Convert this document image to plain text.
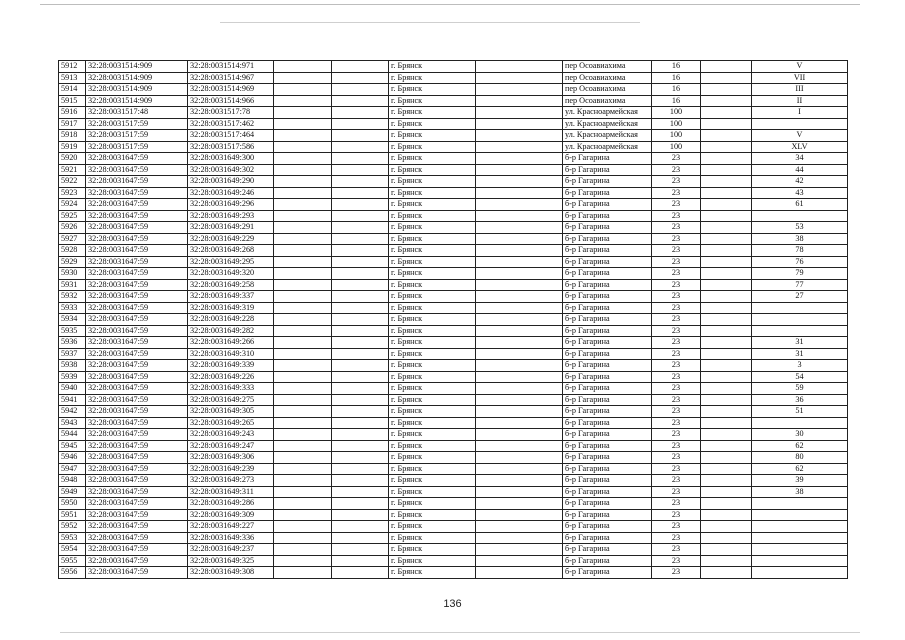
5912	32:28:0031514:909	32:28:0031514:971			г. Брянск		пер Осоавиахима	16		V
5913	32:28:0031514:909	32:28:0031514:967			г. Брянск		пер Осоавиахима	16		VII
5914	32:28:0031514:909	32:28:0031514:969			г. Брянск		пер Осоавиахима	16		III
5915	32:28:0031514:909	32:28:0031514:966			г. Брянск		пер Осоавиахима	16		II
5916	32:28:0031517:48	32:28:0031517:78			г. Брянск		ул. Красноармейская	100		I
5917	32:28:0031517:59	32:28:0031517:462			г. Брянск		ул. Красноармейская	100		
5918	32:28:0031517:59	32:28:0031517:464			г. Брянск		ул. Красноармейская	100		V
5919	32:28:0031517:59	32:28:0031517:586			г. Брянск		ул. Красноармейская	100		XLV
5920	32:28:0031647:59	32:28:0031649:300			г. Брянск		б-р Гагарина	23		34
5921	32:28:0031647:59	32:28:0031649:302			г. Брянск		б-р Гагарина	23		44
5922	32:28:0031647:59	32:28:0031649:290			г. Брянск		б-р Гагарина	23		42
5923	32:28:0031647:59	32:28:0031649:246			г. Брянск		б-р Гагарина	23		43
5924	32:28:0031647:59	32:28:0031649:296			г. Брянск		б-р Гагарина	23		61
5925	32:28:0031647:59	32:28:0031649:293			г. Брянск		б-р Гагарина	23		
5926	32:28:0031647:59	32:28:0031649:291			г. Брянск		б-р Гагарина	23		53
5927	32:28:0031647:59	32:28:0031649:229			г. Брянск		б-р Гагарина	23		38
5928	32:28:0031647:59	32:28:0031649:268			г. Брянск		б-р Гагарина	23		78
5929	32:28:0031647:59	32:28:0031649:295			г. Брянск		б-р Гагарина	23		76
5930	32:28:0031647:59	32:28:0031649:320			г. Брянск		б-р Гагарина	23		79
5931	32:28:0031647:59	32:28:0031649:258			г. Брянск		б-р Гагарина	23		77
5932	32:28:0031647:59	32:28:0031649:337			г. Брянск		б-р Гагарина	23		27
5933	32:28:0031647:59	32:28:0031649:319			г. Брянск		б-р Гагарина	23		
5934	32:28:0031647:59	32:28:0031649:228			г. Брянск		б-р Гагарина	23		
5935	32:28:0031647:59	32:28:0031649:282			г. Брянск		б-р Гагарина	23		
5936	32:28:0031647:59	32:28:0031649:266			г. Брянск		б-р Гагарина	23		31
5937	32:28:0031647:59	32:28:0031649:310			г. Брянск		б-р Гагарина	23		31
5938	32:28:0031647:59	32:28:0031649:339			г. Брянск		б-р Гагарина	23		3
5939	32:28:0031647:59	32:28:0031649:226			г. Брянск		б-р Гагарина	23		54
5940	32:28:0031647:59	32:28:0031649:333			г. Брянск		б-р Гагарина	23		59
5941	32:28:0031647:59	32:28:0031649:275			г. Брянск		б-р Гагарина	23		36
5942	32:28:0031647:59	32:28:0031649:305			г. Брянск		б-р Гагарина	23		51
5943	32:28:0031647:59	32:28:0031649:265			г. Брянск		б-р Гагарина	23		
5944	32:28:0031647:59	32:28:0031649:243			г. Брянск		б-р Гагарина	23		30
5945	32:28:0031647:59	32:28:0031649:247			г. Брянск		б-р Гагарина	23		62
5946	32:28:0031647:59	32:28:0031649:306			г. Брянск		б-р Гагарина	23		80
5947	32:28:0031647:59	32:28:0031649:239			г. Брянск		б-р Гагарина	23		62
5948	32:28:0031647:59	32:28:0031649:273			г. Брянск		б-р Гагарина	23		39
5949	32:28:0031647:59	32:28:0031649:311			г. Брянск		б-р Гагарина	23		38
5950	32:28:0031647:59	32:28:0031649:286			г. Брянск		б-р Гагарина	23		
5951	32:28:0031647:59	32:28:0031649:309			г. Брянск		б-р Гагарина	23		
5952	32:28:0031647:59	32:28:0031649:227			г. Брянск		б-р Гагарина	23		
5953	32:28:0031647:59	32:28:0031649:336			г. Брянск		б-р Гагарина	23		
5954	32:28:0031647:59	32:28:0031649:237			г. Брянск		б-р Гагарина	23		
5955	32:28:0031647:59	32:28:0031649:325			г. Брянск		б-р Гагарина	23		
5956	32:28:0031647:59	32:28:0031649:308			г. Брянск		б-р Гагарина	23		
136
